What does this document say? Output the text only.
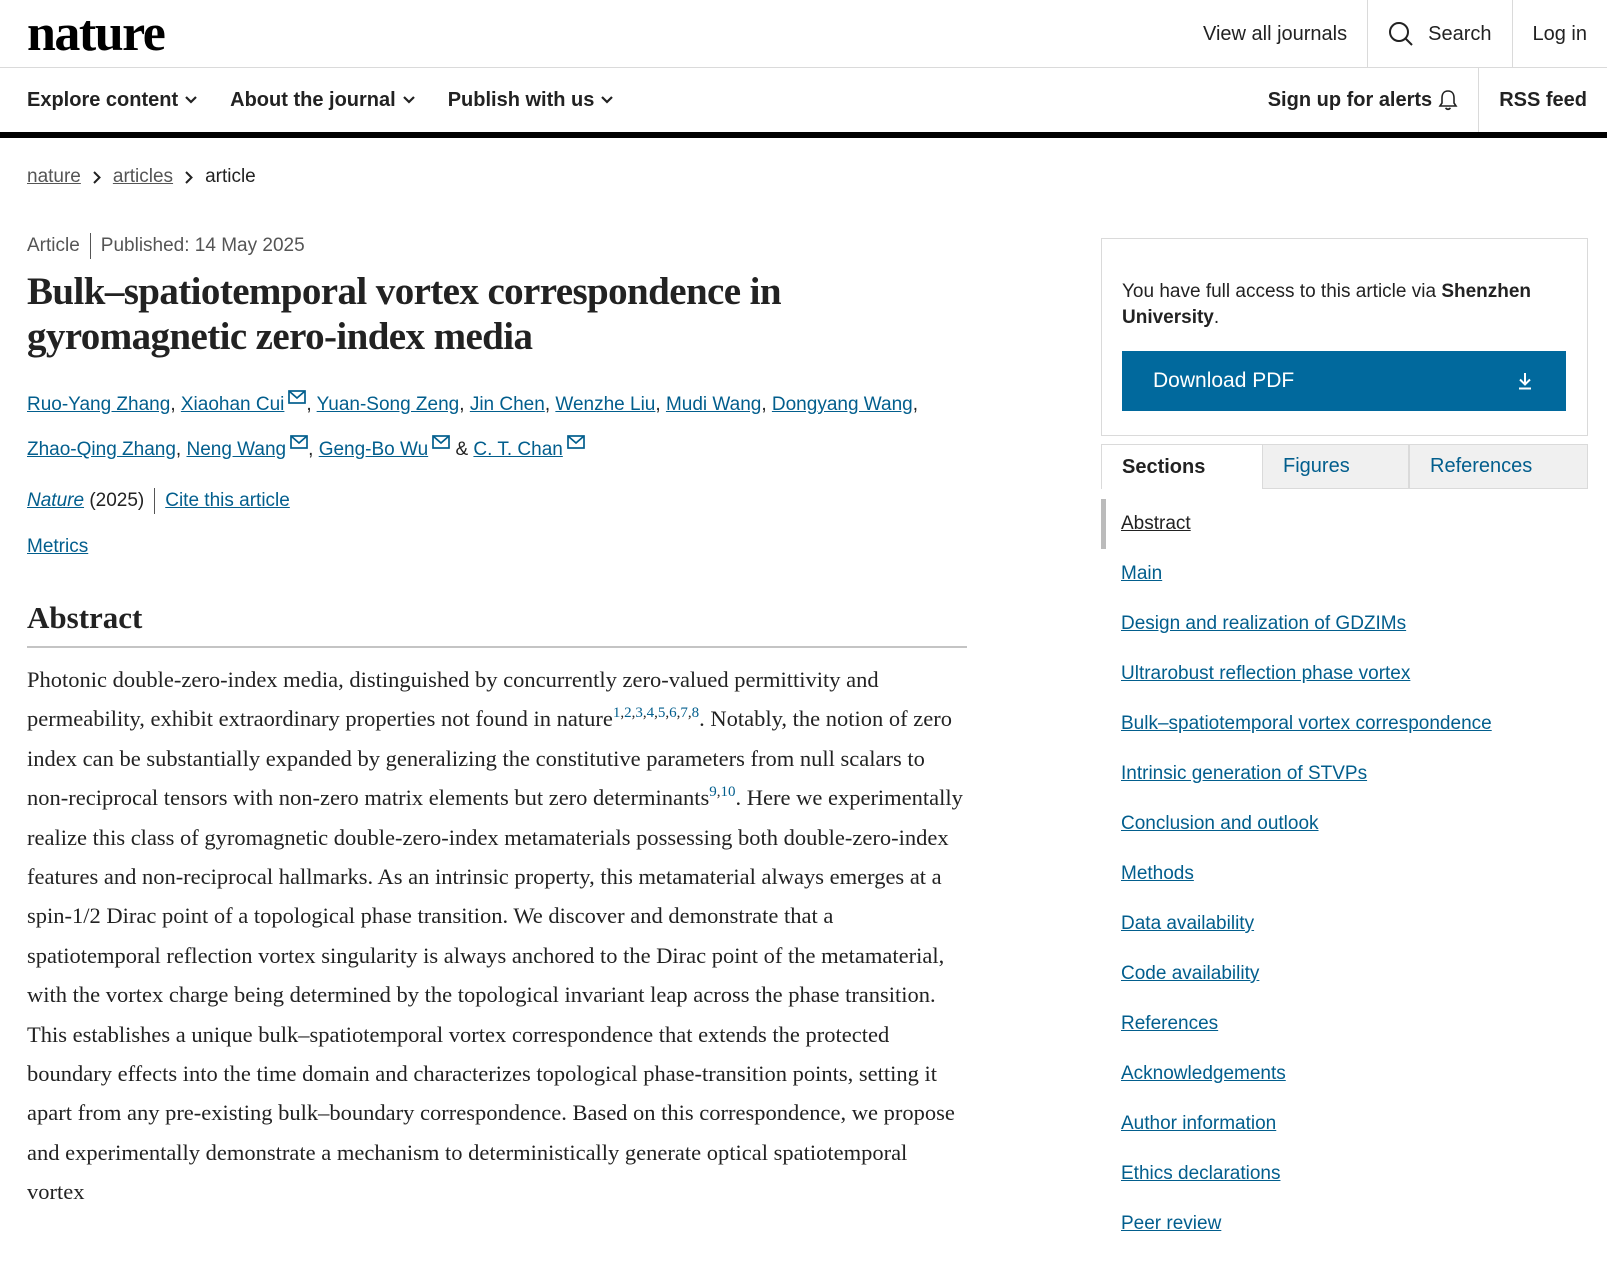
nature	View all journals	Search	Log in
Explore content	About the journal	Publish with us	Sign up for alerts	RSS feed
nature articles article
Article Published: 14 May 2025
Bulk–spatiotemporal vortex correspondence in gyromagnetic zero-index media
Ruo-Yang Zhang, Xiaohan Cui , Yuan-Song Zeng, Jin Chen, Wenzhe Liu, Mudi Wang, Dongyang Wang,
Zhao-Qing Zhang, Neng Wang , Geng-Bo Wu & C. T. Chan
Nature
(2025) Cite this article
Metrics
Abstract

Photonic double-zero-index media, distinguished by concurrently zero-valued permittivity and permeability, exhibit extraordinary properties not found in nature$^{1,2,3,4,5,6,7,8}$. Notably, the notion of zero index can be substantially expanded by generalizing the constitutive parameters from null scalars to non-reciprocal tensors with non-zero matrix elements but zero determinants$^{9,10}$. Here we experimentally realize this class of gyromagnetic double-zero-index metamaterials possessing both double-zero-index features and non-reciprocal hallmarks. As an intrinsic property, this metamaterial always emerges at a spin-1/2 Dirac point of a topological phase transition. We discover and demonstrate that a spatiotemporal reflection vortex singularity is always anchored to the Dirac point of the metamaterial, with the vortex charge being determined by the topological invariant leap across the phase transition. This establishes a unique bulk–spatiotemporal vortex correspondence that extends the protected boundary effects into the time domain and characterizes topological phase-transition points, setting it apart from any pre-existing bulk–boundary correspondence. Based on this correspondence, we propose and experimentally demonstrate a mechanism to deterministically generate optical spatiotemporal vortex

You have full access to this article via Shenzhen University.
Download PDF
Sections	Figures	References
Abstract
Main
Design and realization of GDZIMs
Ultrarobust reflection phase vortex
Bulk–spatiotemporal vortex correspondence
Intrinsic generation of STVPs
Conclusion and outlook
Methods
Data availability
Code availability
References
Acknowledgements
Author information
Ethics declarations
Peer review
